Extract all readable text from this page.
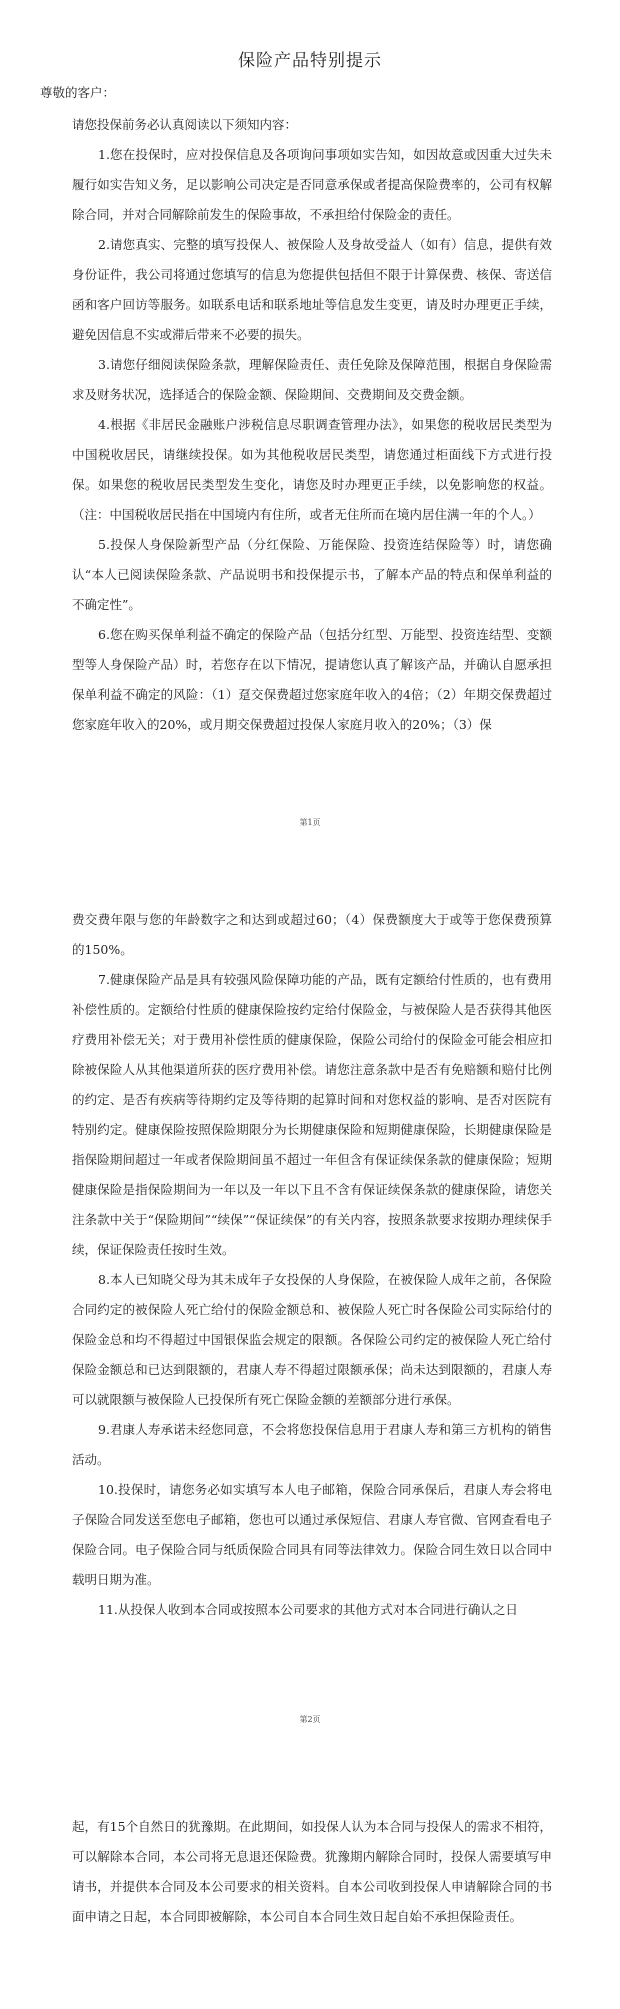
保险产品特别提示
尊敬的客户：

请您投保前务必认真阅读以下须知内容：

1.您在投保时，应对投保信息及各项询问事项如实告知，如因故意或因重大过失未履行如实告知义务，足以影响公司决定是否同意承保或者提高保险费率的，公司有权解除合同，并对合同解除前发生的保险事故，不承担给付保险金的责任。

2.请您真实、完整的填写投保人、被保险人及身故受益人（如有）信息，提供有效身份证件，我公司将通过您填写的信息为您提供包括但不限于计算保费、核保、寄送信函和客户回访等服务。如联系电话和联系地址等信息发生变更，请及时办理更正手续，避免因信息不实或滞后带来不必要的损失。

3.请您仔细阅读保险条款，理解保险责任、责任免除及保障范围，根据自身保险需求及财务状况，选择适合的保险金额、保险期间、交费期间及交费金额。

4.根据《非居民金融账户涉税信息尽职调查管理办法》，如果您的税收居民类型为中国税收居民，请继续投保。如为其他税收居民类型，请您通过柜面线下方式进行投保。如果您的税收居民类型发生变化，请您及时办理更正手续，以免影响您的权益。（注：中国税收居民指在中国境内有住所，或者无住所而在境内居住满一年的个人。）

5.投保人身保险新型产品（分红保险、万能保险、投资连结保险等）时，请您确认“本人已阅读保险条款、产品说明书和投保提示书，了解本产品的特点和保单利益的不确定性”。

6.您在购买保单利益不确定的保险产品（包括分红型、万能型、投资连结型、变额型等人身保险产品）时，若您存在以下情况，提请您认真了解该产品，并确认自愿承担保单利益不确定的风险：（1）趸交保费超过您家庭年收入的4倍；（2）年期交保费超过您家庭年收入的20%，或月期交保费超过投保人家庭月收入的20%；（3）保

第1页

费交费年限与您的年龄数字之和达到或超过60；（4）保费额度大于或等于您保费预算的150%。

7.健康保险产品是具有较强风险保障功能的产品，既有定额给付性质的，也有费用补偿性质的。定额给付性质的健康保险按约定给付保险金，与被保险人是否获得其他医疗费用补偿无关；对于费用补偿性质的健康保险，保险公司给付的保险金可能会相应扣除被保险人从其他渠道所获的医疗费用补偿。请您注意条款中是否有免赔额和赔付比例的约定、是否有疾病等待期约定及等待期的起算时间和对您权益的影响、是否对医院有特别约定。健康保险按照保险期限分为长期健康保险和短期健康保险，长期健康保险是指保险期间超过一年或者保险期间虽不超过一年但含有保证续保条款的健康保险；短期健康保险是指保险期间为一年以及一年以下且不含有保证续保条款的健康保险，请您关注条款中关于“保险期间”“续保”“保证续保”的有关内容，按照条款要求按期办理续保手续，保证保险责任按时生效。

8.本人已知晓父母为其未成年子女投保的人身保险，在被保险人成年之前，各保险合同约定的被保险人死亡给付的保险金额总和、被保险人死亡时各保险公司实际给付的保险金总和均不得超过中国银保监会规定的限额。各保险公司约定的被保险人死亡给付保险金额总和已达到限额的，君康人寿不得超过限额承保；尚未达到限额的，君康人寿可以就限额与被保险人已投保所有死亡保险金额的差额部分进行承保。

9.君康人寿承诺未经您同意，不会将您投保信息用于君康人寿和第三方机构的销售活动。

10.投保时，请您务必如实填写本人电子邮箱，保险合同承保后，君康人寿会将电子保险合同发送至您电子邮箱，您也可以通过承保短信、君康人寿官微、官网查看电子保险合同。电子保险合同与纸质保险合同具有同等法律效力。保险合同生效日以合同中载明日期为准。

11.从投保人收到本合同或按照本公司要求的其他方式对本合同进行确认之日

第2页

起，有15个自然日的犹豫期。在此期间，如投保人认为本合同与投保人的需求不相符，可以解除本合同，本公司将无息退还保险费。犹豫期内解除合同时，投保人需要填写申请书，并提供本合同及本公司要求的相关资料。自本公司收到投保人申请解除合同的书面申请之日起，本合同即被解除，本公司自本合同生效日起自始不承担保险责任。
